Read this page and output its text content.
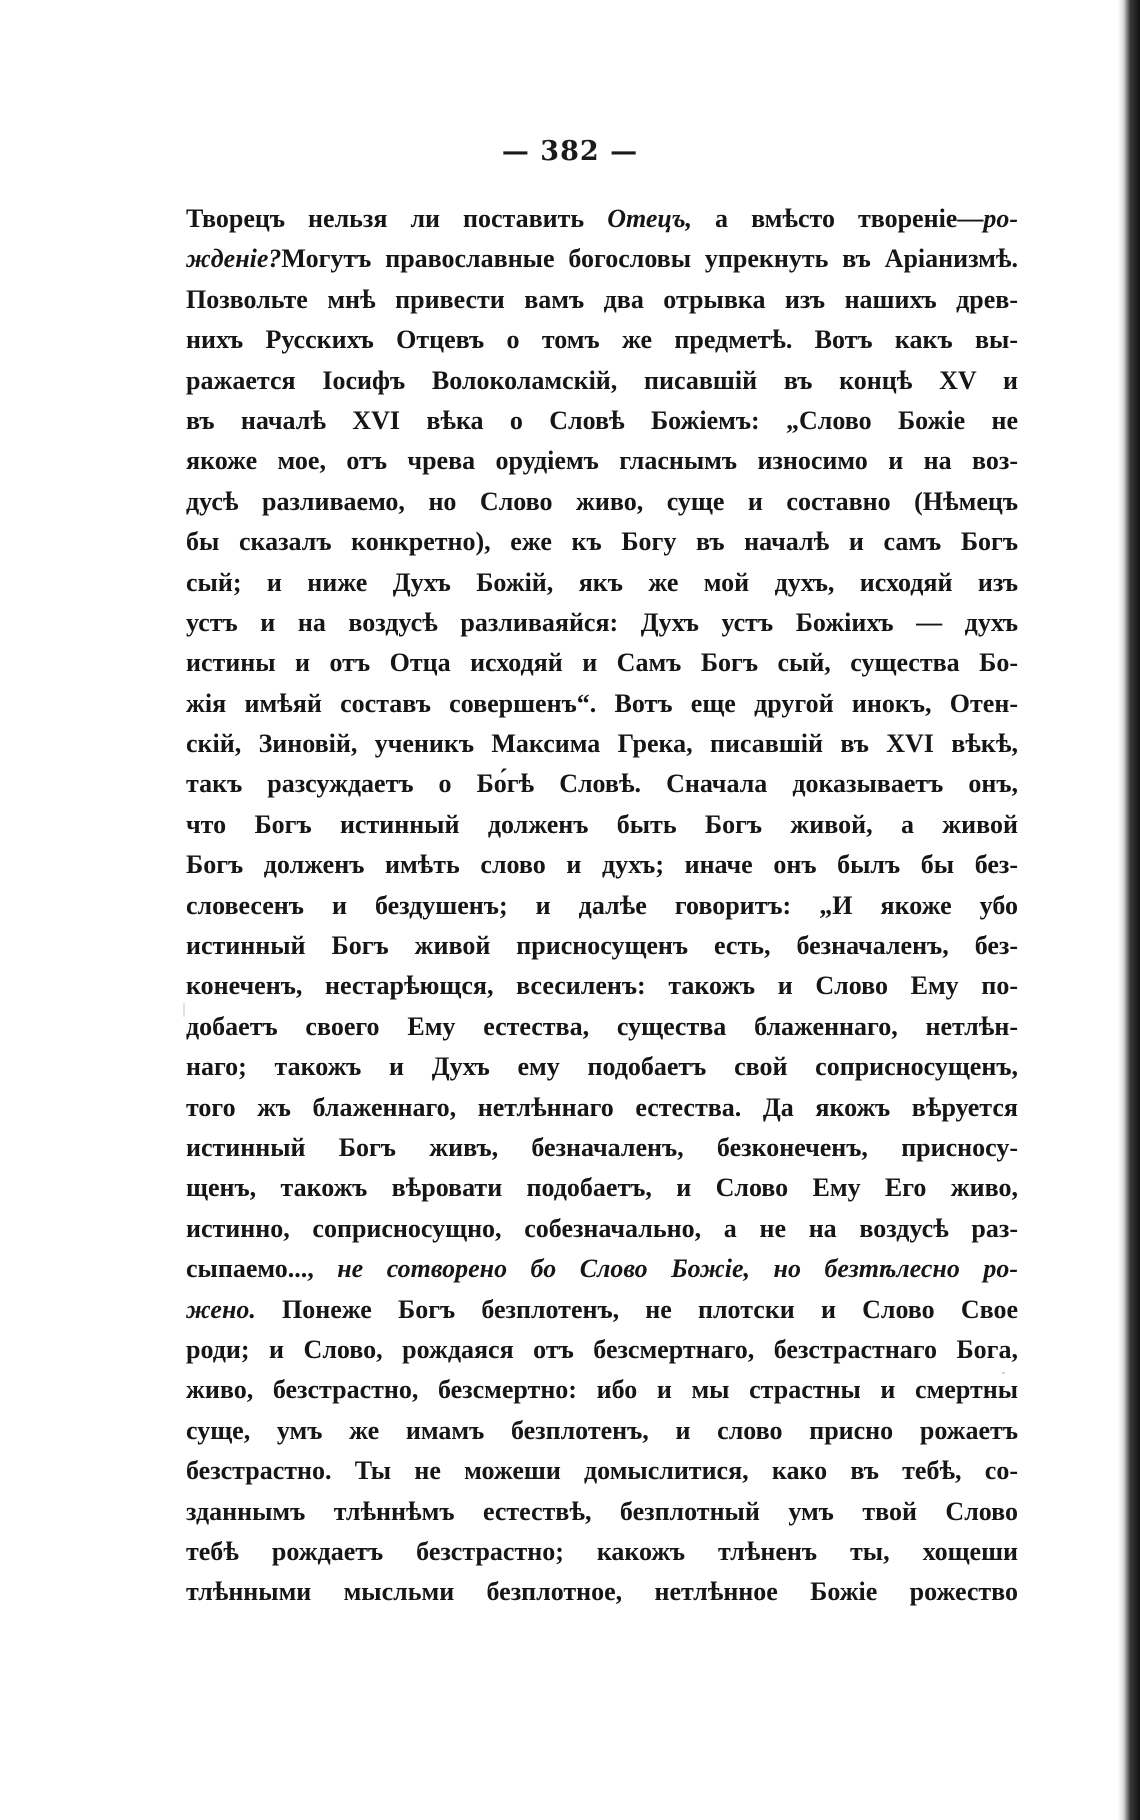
— 382 —
Творецъ нельзя ли поставить Отецъ, а вмѣсто твореніе—ро-
жденіе?Могутъ православные богословы упрекнуть въ Аріанизмѣ.
Позвольте мнѣ привести вамъ два отрывка изъ нашихъ древ-
нихъ Русскихъ Отцевъ о томъ же предметѣ. Вотъ какъ вы-
ражается Іосифъ Волоколамскій, писавшій въ концѣ XV и
въ началѣ XVI вѣка о Словѣ Божіемъ: „Слово Божіе не
якоже мое, отъ чрева орудіемъ гласнымъ износимо и на воз-
дусѣ разливаемо, но Слово живо, суще и составно (Нѣмецъ
бы сказалъ конкретно), еже къ Богу въ началѣ и самъ Богъ
сый; и ниже Духъ Божій, якъ же мой духъ, исходяй изъ
устъ и на воздусѣ разливаяйся: Духъ устъ Божіихъ — духъ
истины и отъ Отца исходяй и Самъ Богъ сый, существа Бо-
жія имѣяй составъ совершенъ“. Вотъ еще другой инокъ, Отен-
скій, Зиновій, ученикъ Максима Грека, писавшій въ XVI вѣкѣ,
такъ разсуждаетъ о Бо́гѣ Словѣ. Сначала доказываетъ онъ,
что Богъ истинный долженъ быть Богъ живой, а живой
Богъ долженъ имѣть слово и духъ; иначе онъ былъ бы без-
словесенъ и бездушенъ; и далѣе говоритъ: „И якоже убо
истинный Богъ живой присносущенъ есть, безначаленъ, без-
конеченъ, нестарѣющся, всесиленъ: такожъ и Слово Ему по-
добаетъ своего Ему естества, существа блаженнаго, нетлѣн-
наго; такожъ и Духъ ему подобаетъ свой соприсносущенъ,
того жъ блаженнаго, нетлѣннаго естества. Да якожъ вѣруется
истинный Богъ живъ, безначаленъ, безконеченъ, присносу-
щенъ, такожъ вѣровати подобаетъ, и Слово Ему Его живо,
истинно, соприсносущно, собезначально, а не на воздусѣ раз-
сыпаемо..., не сотворено бо Слово Божіе, но безтѣлесно ро-
жено. Понеже Богъ безплотенъ, не плотски и Слово Свое
роди; и Слово, рождаяся отъ безсмертнаго, безстрастнаго Бога,
живо, безстрастно, безсмертно: ибо и мы страстны и смертны
суще, умъ же имамъ безплотенъ, и слово присно рожаетъ
безстрастно. Ты не можеши домыслитися, како въ тебѣ, со-
зданнымъ тлѣннѣмъ естествѣ, безплотный умъ твой Слово
тебѣ рождаетъ безстрастно; какожъ тлѣненъ ты, хощеши
тлѣнными мысльми безплотное, нетлѣнное Божіе рожество
